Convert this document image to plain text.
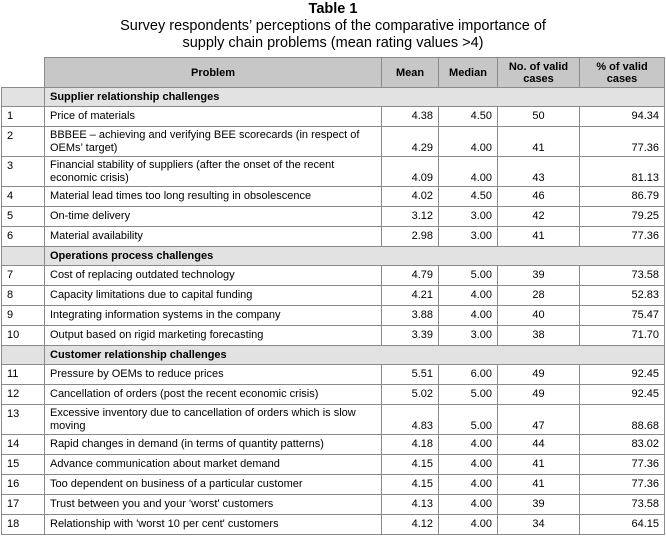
Table 1
Survey respondents’ perceptions of the comparative importance of supply chain problems (mean rating values >4)
	Problem	Mean	Median	No. of valid cases	% of valid cases
	Supplier relationship challenges				
1	Price of materials	4.38	4.50	50	94.34
2	BBBEE – achieving and verifying BEE scorecards (in respect of OEMs’ target)	4.29	4.00	41	77.36
3	Financial stability of suppliers (after the onset of the recent economic crisis)	4.09	4.00	43	81.13
4	Material lead times too long resulting in obsolescence	4.02	4.50	46	86.79
5	On-time delivery	3.12	3.00	42	79.25
6	Material availability	2.98	3.00	41	77.36
	Operations process challenges				
7	Cost of replacing outdated technology	4.79	5.00	39	73.58
8	Capacity limitations due to capital funding	4.21	4.00	28	52.83
9	Integrating information systems in the company	3.88	4.00	40	75.47
10	Output based on rigid marketing forecasting	3.39	3.00	38	71.70
	Customer relationship challenges				
11	Pressure by OEMs to reduce prices	5.51	6.00	49	92.45
12	Cancellation of orders (post the recent economic crisis)	5.02	5.00	49	92.45
13	Excessive inventory due to cancellation of orders which is slow moving	4.83	5.00	47	88.68
14	Rapid changes in demand (in terms of quantity patterns)	4.18	4.00	44	83.02
15	Advance communication about market demand	4.15	4.00	41	77.36
16	Too dependent on business of a particular customer	4.15	4.00	41	77.36
17	Trust between you and your 'worst' customers	4.13	4.00	39	73.58
18	Relationship with 'worst 10 per cent' customers	4.12	4.00	34	64.15
